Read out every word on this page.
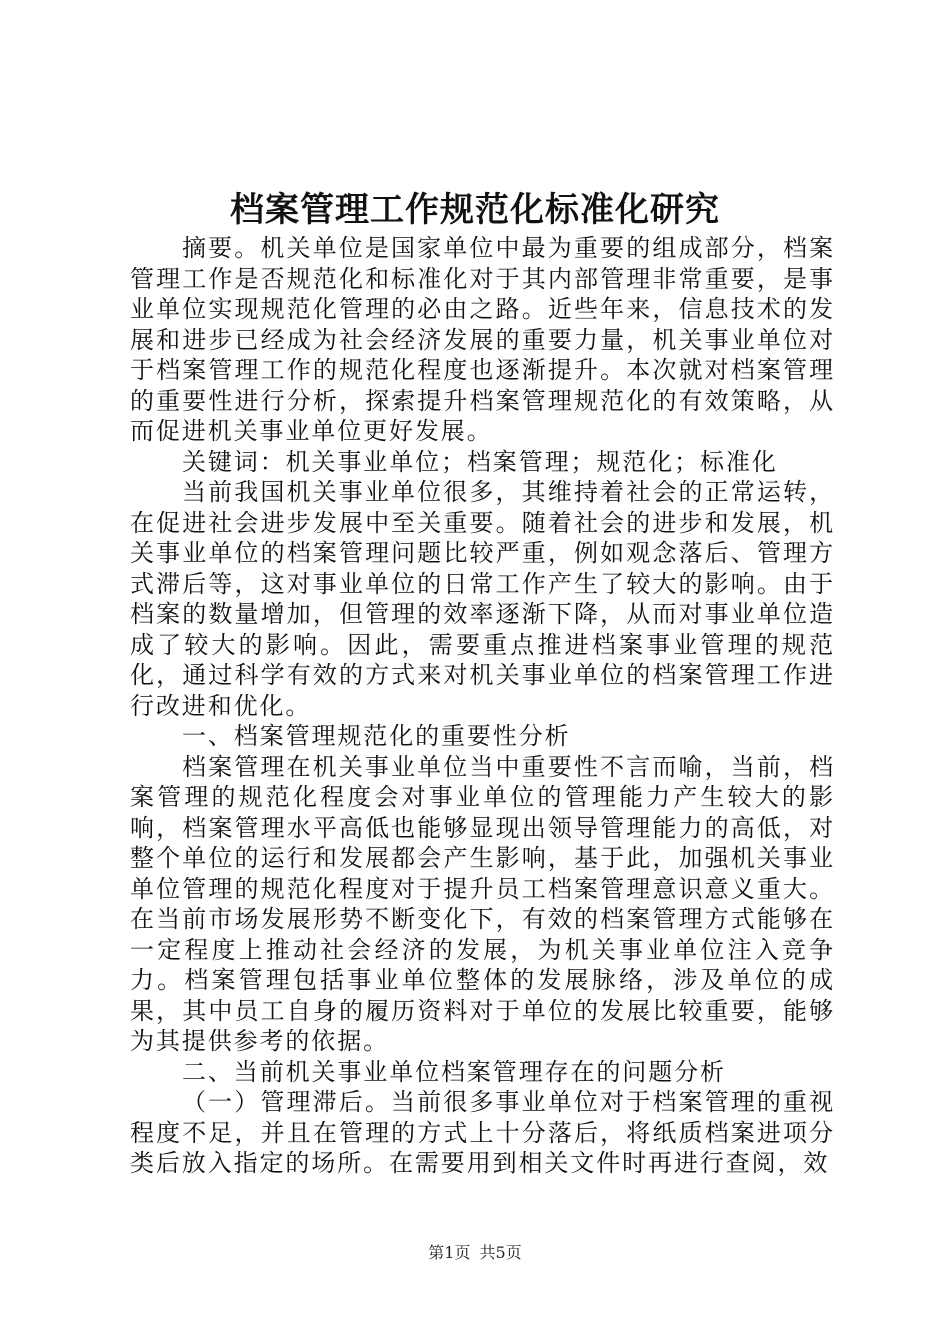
档案管理工作规范化标准化研究

摘要。机关单位是国家单位中最为重要的组成部分，档案管理工作是否规范化和标准化对于其内部管理非常重要，是事业单位实现规范化管理的必由之路。近些年来，信息技术的发展和进步已经成为社会经济发展的重要力量，机关事业单位对于档案管理工作的规范化程度也逐渐提升。本次就对档案管理的重要性进行分析，探索提升档案管理规范化的有效策略，从而促进机关事业单位更好发展。

关键词：机关事业单位；档案管理；规范化；标准化

当前我国机关事业单位很多，其维持着社会的正常运转，在促进社会进步发展中至关重要。随着社会的进步和发展，机关事业单位的档案管理问题比较严重，例如观念落后、管理方式滞后等，这对事业单位的日常工作产生了较大的影响。由于档案的数量增加，但管理的效率逐渐下降，从而对事业单位造成了较大的影响。因此，需要重点推进档案事业管理的规范化，通过科学有效的方式来对机关事业单位的档案管理工作进行改进和优化。

一、档案管理规范化的重要性分析

档案管理在机关事业单位当中重要性不言而喻，当前，档案管理的规范化程度会对事业单位的管理能力产生较大的影响，档案管理水平高低也能够显现出领导管理能力的高低，对整个单位的运行和发展都会产生影响，基于此，加强机关事业单位管理的规范化程度对于提升员工档案管理意识意义重大。在当前市场发展形势不断变化下，有效的档案管理方式能够在一定程度上推动社会经济的发展，为机关事业单位注入竞争力。档案管理包括事业单位整体的发展脉络，涉及单位的成果，其中员工自身的履历资料对于单位的发展比较重要，能够为其提供参考的依据。

二、当前机关事业单位档案管理存在的问题分析

（一）管理滞后。当前很多事业单位对于档案管理的重视程度不足，并且在管理的方式上十分落后，将纸质档案进项分类后放入指定的场所。在需要用到相关文件时再进行查阅，效

第1页 共5页
